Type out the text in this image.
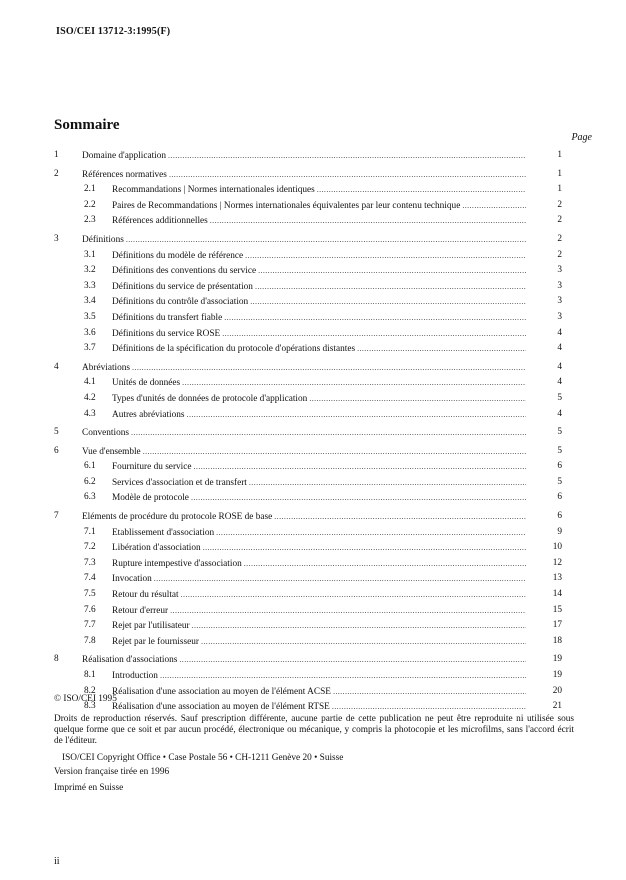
ISO/CEI 13712-3:1995(F)
Sommaire
Page
1	Domaine d'application .....	1
2	Références normatives .....	1
2.1	Recommandations | Normes internationales identiques .....	1
2.2	Paires de Recommandations | Normes internationales équivalentes par leur contenu technique .....	2
2.3	Références additionnelles .....	2
3	Définitions .....	2
3.1	Définitions du modèle de référence .....	2
3.2	Définitions des conventions du service .....	3
3.3	Définitions du service de présentation .....	3
3.4	Définitions du contrôle d'association .....	3
3.5	Définitions du transfert fiable .....	3
3.6	Définitions du service ROSE .....	4
3.7	Définitions de la spécification du protocole d'opérations distantes .....	4
4	Abréviations .....	4
4.1	Unités de données .....	4
4.2	Types d'unités de données de protocole d'application .....	5
4.3	Autres abréviations .....	4
5	Conventions .....	5
6	Vue d'ensemble .....	5
6.1	Fourniture du service .....	6
6.2	Services d'association et de transfert .....	5
6.3	Modèle de protocole .....	6
7	Eléments de procédure du protocole ROSE de base .....	6
7.1	Etablissement d'association .....	9
7.2	Libération d'association .....	10
7.3	Rupture intempestive d'association .....	12
7.4	Invocation .....	13
7.5	Retour du résultat .....	14
7.6	Retour d'erreur .....	15
7.7	Rejet par l'utilisateur .....	17
7.8	Rejet par le fournisseur .....	18
8	Réalisation d'associations .....	19
8.1	Introduction .....	19
8.2	Réalisation d'une association au moyen de l'élément ACSE .....	20
8.3	Réalisation d'une association au moyen de l'élément RTSE .....	21
© ISO/CEI 1995
Droits de reproduction réservés. Sauf prescription différente, aucune partie de cette publication ne peut être reproduite ni utilisée sous quelque forme que ce soit et par aucun procédé, électronique ou mécanique, y compris la photocopie et les microfilms, sans l'accord écrit de l'éditeur.
ISO/CEI Copyright Office • Case Postale 56 • CH-1211 Genève 20 • Suisse
Version française tirée en 1996
Imprimé en Suisse
ii
